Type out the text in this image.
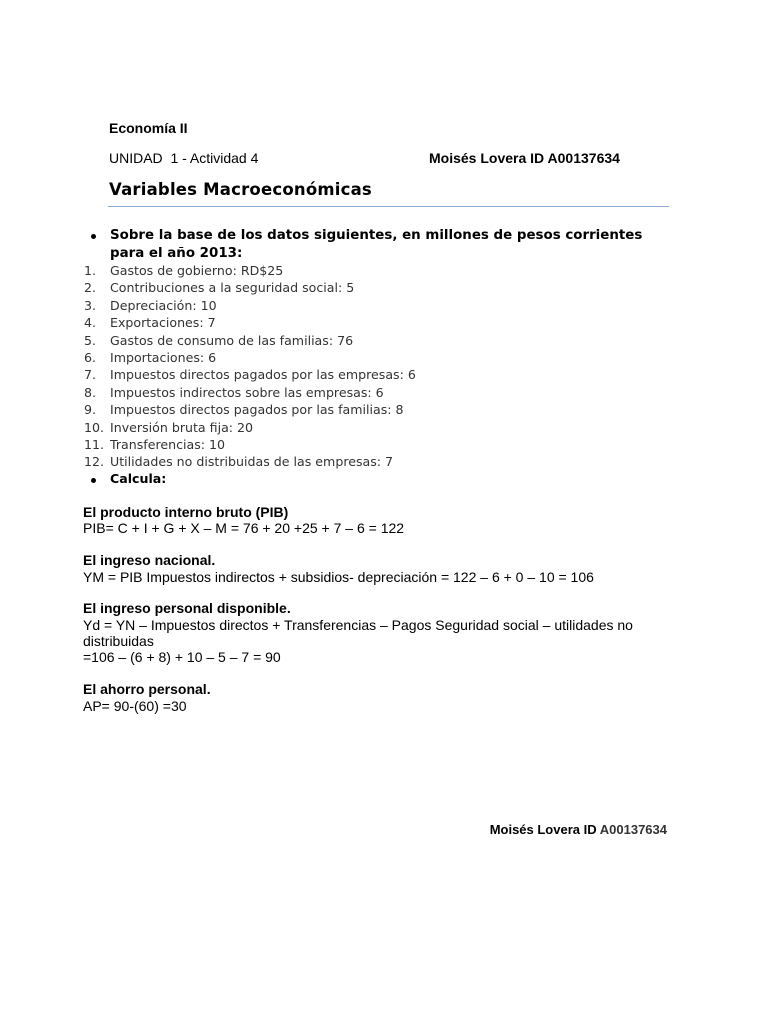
Economía II
UNIDAD  1 - Actividad 4	Moisés Lovera ID A00137634
Variables Macroeconómicas
Sobre la base de los datos siguientes, en millones de pesos corrientes para el año 2013:
1. Gastos de gobierno: RD$25
2. Contribuciones a la seguridad social: 5
3. Depreciación: 10
4. Exportaciones: 7
5. Gastos de consumo de las familias: 76
6. Importaciones: 6
7. Impuestos directos pagados por las empresas: 6
8. Impuestos indirectos sobre las empresas: 6
9. Impuestos directos pagados por las familias: 8
10. Inversión bruta fija: 20
11. Transferencias: 10
12. Utilidades no distribuidas de las empresas: 7
Calcula:
El producto interno bruto (PIB)
PIB= C + I + G + X – M = 76 + 20 +25 + 7 – 6 = 122
El ingreso nacional.
YM = PIB Impuestos indirectos + subsidios- depreciación = 122 – 6 + 0 – 10 = 106
El ingreso personal disponible.
Yd = YN – Impuestos directos + Transferencias – Pagos Seguridad social – utilidades no
distribuidas
=106 – (6 + 8) + 10 – 5 – 7 = 90
El ahorro personal.
AP= 90-(60) =30
Moisés Lovera ID A00137634
